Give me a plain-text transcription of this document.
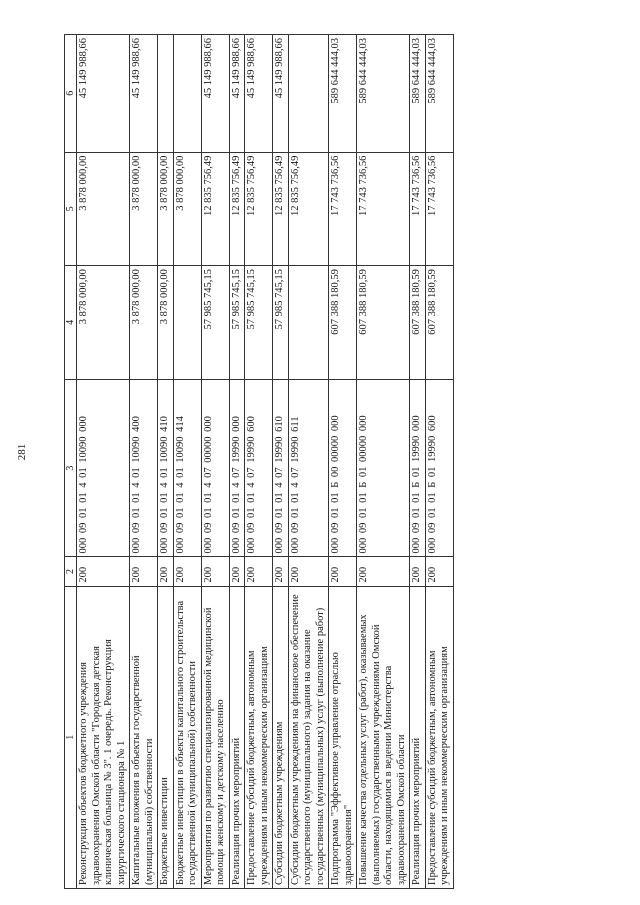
281
1	2	3	4	5	6
Реконструкция объектов бюджетного учреждения здравоохранения Омской области "Городская детская клиническая больница № 3". 1 очередь. Реконструкция хирургического стационара № 1	200	000 09 01 01 4 01 10090 000	3 878 000,00	3 878 000,00	45 149 988,66
Капитальные вложения в объекты государственной (муниципальной) собственности	200	000 09 01 01 4 01 10090 400	3 878 000,00	3 878 000,00	45 149 988,66
Бюджетные инвестиции	200	000 09 01 01 4 01 10090 410	3 878 000,00	3 878 000,00	
Бюджетные инвестиции в объекты капитального строительства государственной (муниципальной) собственности	200	000 09 01 01 4 01 10090 414		3 878 000,00	
Мероприятия по развитию специализированной медицинской помощи женскому и детскому населению	200	000 09 01 01 4 07 00000 000	57 985 745,15	12 835 756,49	45 149 988,66
Реализация прочих мероприятий	200	000 09 01 01 4 07 19990 000	57 985 745,15	12 835 756,49	45 149 988,66
Предоставление субсидий бюджетным, автономным учреждениям и иным некоммерческим организациям	200	000 09 01 01 4 07 19990 600	57 985 745,15	12 835 756,49	45 149 988,66
Субсидии бюджетным учреждениям	200	000 09 01 01 4 07 19990 610	57 985 745,15	12 835 756,49	45 149 988,66
Субсидии бюджетным учреждениям на финансовое обеспечение государственного (муниципального) задания на оказание государственных (муниципальных) услуг (выполнение работ)	200	000 09 01 01 4 07 19990 611		12 835 756,49	
Подпрограмма "Эффективное управление отраслью здравоохранения"	200	000 09 01 01 Б 00 00000 000	607 388 180,59	17 743 736,56	589 644 444,03
Повышение качества отдельных услуг (работ), оказываемых (выполняемых) государственными учреждениями Омской области, находящимися в ведении Министерства здравоохранения Омской области	200	000 09 01 01 Б 01 00000 000	607 388 180,59	17 743 736,56	589 644 444,03
Реализация прочих мероприятий	200	000 09 01 01 Б 01 19990 000	607 388 180,59	17 743 736,56	589 644 444,03
Предоставление субсидий бюджетным, автономным учреждениям и иным некоммерческим организациям	200	000 09 01 01 Б 01 19990 600	607 388 180,59	17 743 736,56	589 644 444,03
